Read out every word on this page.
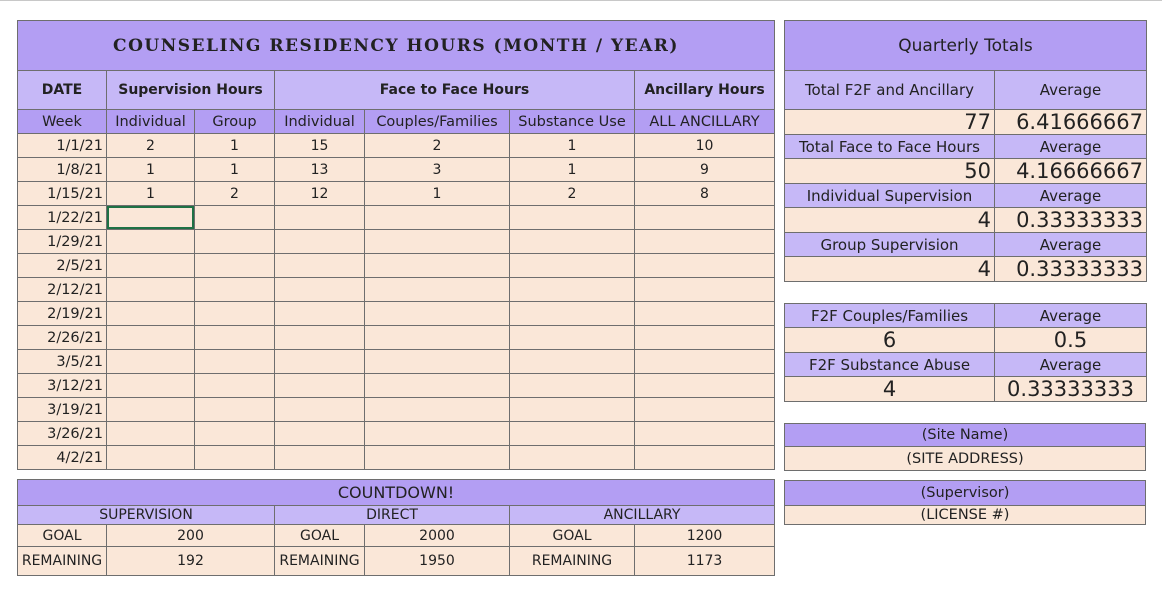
COUNSELING RESIDENCY HOURS (MONTH / YEAR)						
DATE	Supervision Hours		Face to Face Hours			Ancillary Hours
Week	Individual	Group	Individual	Couples/Families	Substance Use	ALL ANCILLARY
1/1/21	2	1	15	2	1	10
1/8/21	1	1	13	3	1	9
1/15/21	1	2	12	1	2	8
1/22/21						
1/29/21						
2/5/21						
2/12/21						
2/19/21						
2/26/21						
3/5/21						
3/12/21						
3/19/21						
3/26/21						
4/2/21						
COUNTDOWN!					
SUPERVISION		DIRECT		ANCILLARY	
GOAL	200	GOAL	2000	GOAL	1200
REMAINING	192	REMAINING	1950	REMAINING	1173
Quarterly Totals	
Total F2F and Ancillary	Average
77	6.41666667
Total Face to Face Hours	Average
50	4.16666667
Individual Supervision	Average
4	0.33333333
Group Supervision	Average
4	0.33333333
F2F Couples/Families	Average
6	0.5
F2F Substance Abuse	Average
4	0.33333333
(Site Name)
(SITE ADDRESS)
(Supervisor)
(LICENSE #)
